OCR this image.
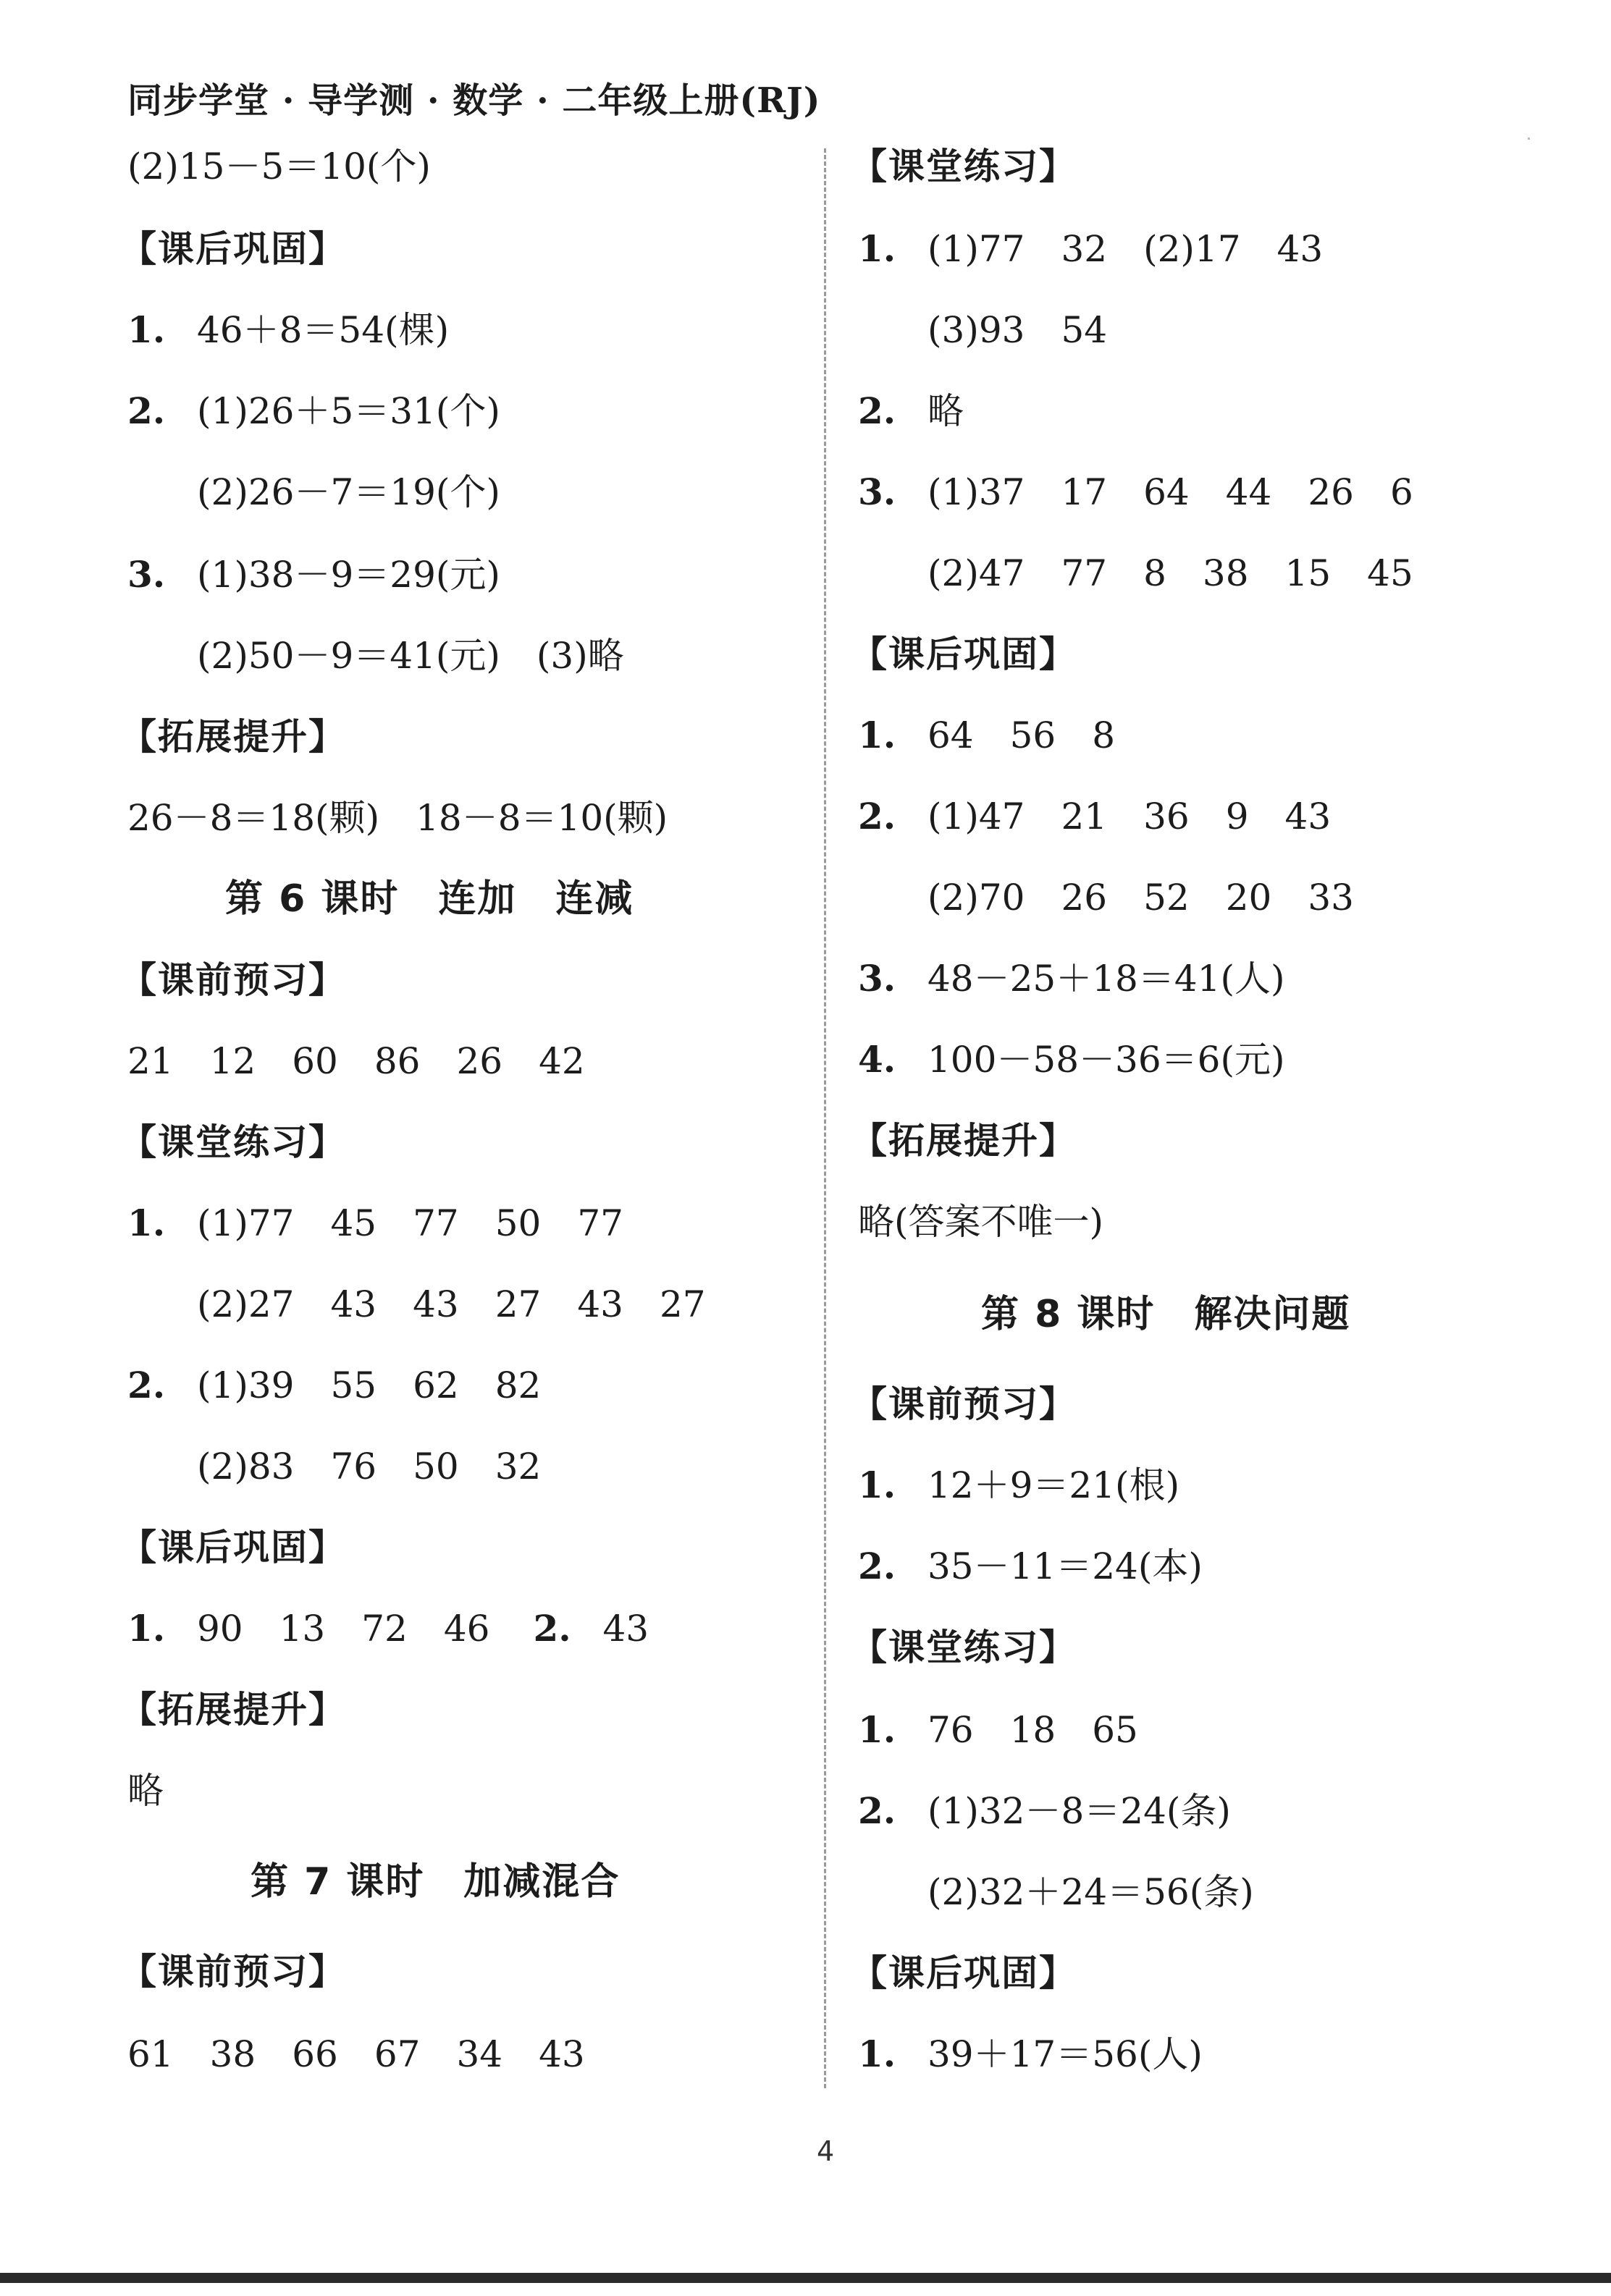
同步学堂 · 导学测 · 数学 · 二年级上册(RJ)
(2)15－5＝10(个)
【课后巩固】
1. 46＋8＝54(棵)
2. (1)26＋5＝31(个)
(2)26－7＝19(个)
3. (1)38－9＝29(元)
(2)50－9＝41(元)　(3)略
【拓展提升】
26－8＝18(颗)　18－8＝10(颗)
第 6 课时　连加　连减
【课前预习】
21　12　60　86　26　42
【课堂练习】
1. (1)77　45　77　50　77
(2)27　43　43　27　43　27
2. (1)39　55　62　82
(2)83　76　50　32
【课后巩固】
1. 90　13　72　46 2. 43
【拓展提升】
略
第 7 课时　加减混合
【课前预习】
61　38　66　67　34　43
【课堂练习】
1. (1)77　32　(2)17　43
(3)93　54
2. 略
3. (1)37　17　64　44　26　6
(2)47　77　8　38　15　45
【课后巩固】
1. 64　56　8
2. (1)47　21　36　9　43
(2)70　26　52　20　33
3. 48－25＋18＝41(人)
4. 100－58－36＝6(元)
【拓展提升】
略(答案不唯一)
第 8 课时　解决问题
【课前预习】
1. 12＋9＝21(根)
2. 35－11＝24(本)
【课堂练习】
1. 76　18　65
2. (1)32－8＝24(条)
(2)32＋24＝56(条)
【课后巩固】
1. 39＋17＝56(人)
4
